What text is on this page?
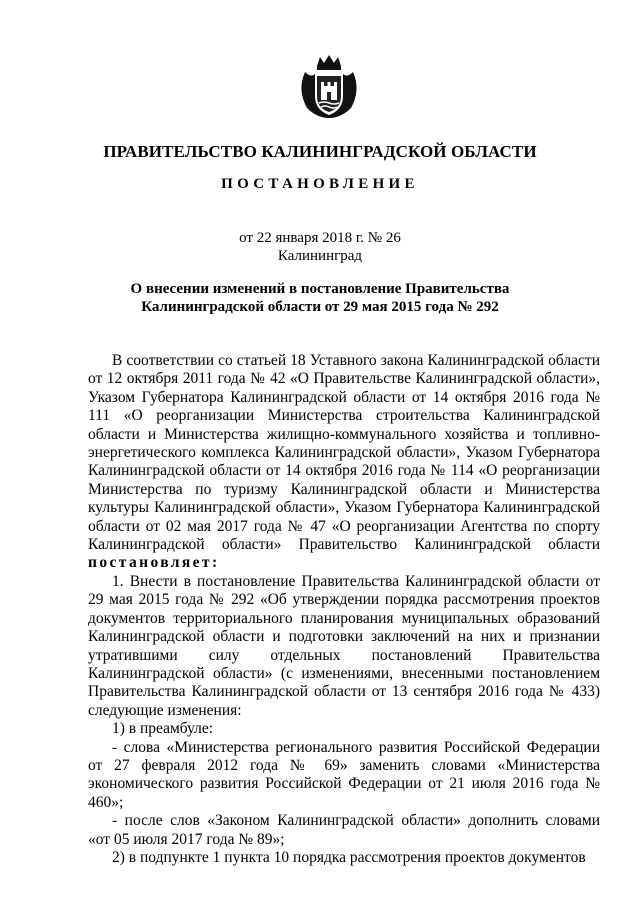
ПРАВИТЕЛЬСТВО КАЛИНИНГРАДСКОЙ ОБЛАСТИ
ПОСТАНОВЛЕНИЕ
от 22 января 2018 г. № 26
Калининград
О внесении изменений в постановление Правительства
Калининградской области от 29 мая 2015 года № 292

В соответствии со статьей 18 Уставного закона Калининградской области от 12 октября 2011 года № 42 «О Правительстве Калининградской области», Указом Губернатора Калининградской области от 14 октября 2016 года № 111 «О реорганизации Министерства строительства Калининградской области и Министерства жилищно-коммунального хозяйства и топливно-энергетического комплекса Калининградской области», Указом Губернатора Калининградской области от 14 октября 2016 года № 114 «О реорганизации Министерства по туризму Калининградской области и Министерства культуры Калининградской области», Указом Губернатора Калининградской области от 02 мая 2017 года № 47 «О реорганизации Агентства по спорту Калининградской области» Правительство Калининградской области постановляет:

1. Внести в постановление Правительства Калининградской области от 29 мая 2015 года № 292 «Об утверждении порядка рассмотрения проектов документов территориального планирования муниципальных образований Калининградской области и подготовки заключений на них и признании утратившими силу отдельных постановлений Правительства Калининградской области» (с изменениями, внесенными постановлением Правительства Калининградской области от 13 сентября 2016 года № 433) следующие изменения:

1) в преамбуле:

- слова «Министерства регионального развития Российской Федерации от 27 февраля 2012 года № 69» заменить словами «Министерства экономического развития Российской Федерации от 21 июля 2016 года № 460»;

- после слов «Законом Калининградской области» дополнить словами «от 05 июля 2017 года № 89»;

2) в подпункте 1 пункта 10 порядка рассмотрения проектов документов
